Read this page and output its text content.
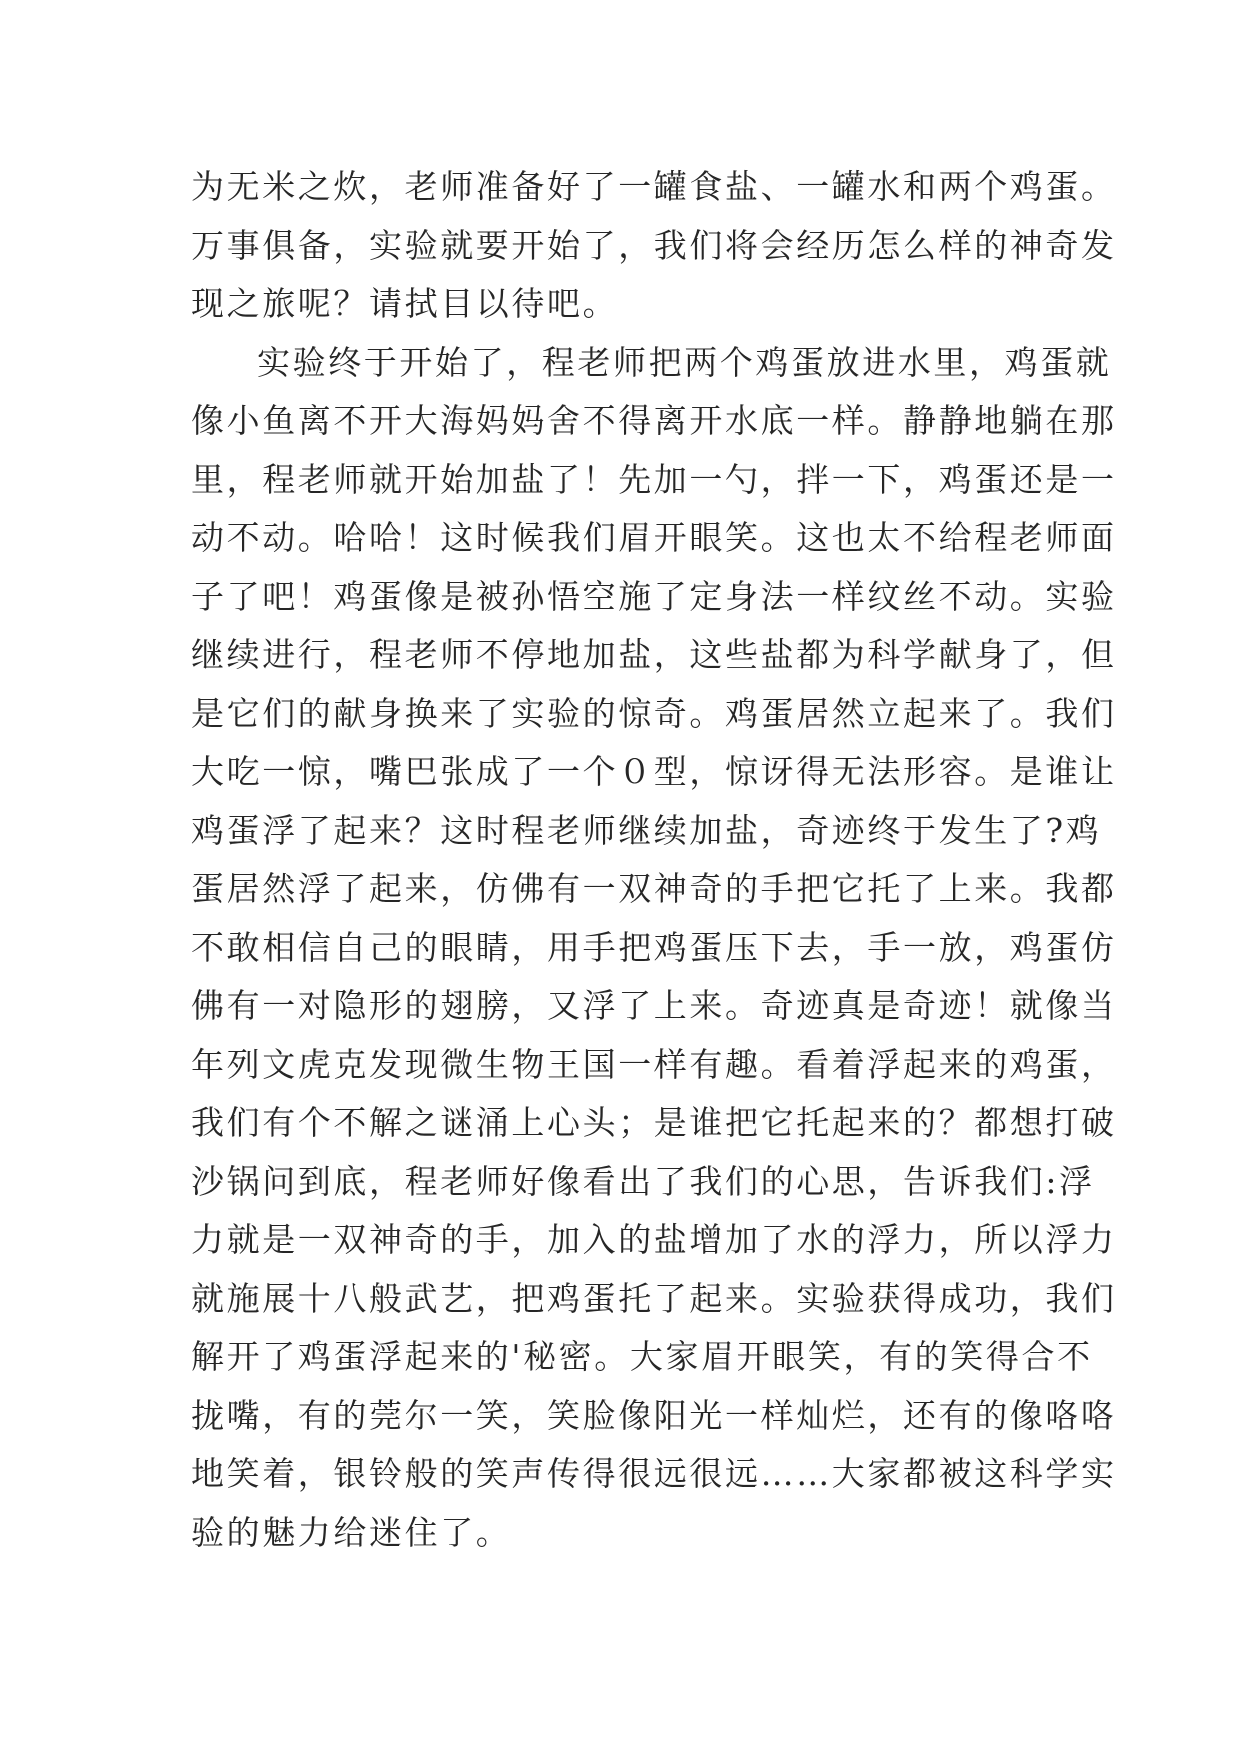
为无米之炊，老师准备好了一罐食盐、一罐水和两个鸡蛋。
万事俱备，实验就要开始了，我们将会经历怎么样的神奇发
现之旅呢？请拭目以待吧。
实验终于开始了，程老师把两个鸡蛋放进水里，鸡蛋就
像小鱼离不开大海妈妈舍不得离开水底一样。静静地躺在那
里，程老师就开始加盐了！先加一勺，拌一下，鸡蛋还是一
动不动。哈哈！这时候我们眉开眼笑。这也太不给程老师面
子了吧！鸡蛋像是被孙悟空施了定身法一样纹丝不动。实验
继续进行，程老师不停地加盐，这些盐都为科学献身了，但
是它们的献身换来了实验的惊奇。鸡蛋居然立起来了。我们
大吃一惊，嘴巴张成了一个０型，惊讶得无法形容。是谁让
鸡蛋浮了起来？这时程老师继续加盐，奇迹终于发生了?鸡
蛋居然浮了起来，仿佛有一双神奇的手把它托了上来。我都
不敢相信自己的眼睛，用手把鸡蛋压下去，手一放，鸡蛋仿
佛有一对隐形的翅膀，又浮了上来。奇迹真是奇迹！就像当
年列文虎克发现微生物王国一样有趣。看着浮起来的鸡蛋，
我们有个不解之谜涌上心头；是谁把它托起来的？都想打破
沙锅问到底，程老师好像看出了我们的心思，告诉我们:浮
力就是一双神奇的手，加入的盐增加了水的浮力，所以浮力
就施展十八般武艺，把鸡蛋托了起来。实验获得成功，我们
解开了鸡蛋浮起来的'秘密。大家眉开眼笑，有的笑得合不
拢嘴，有的莞尔一笑，笑脸像阳光一样灿烂，还有的像咯咯
地笑着，银铃般的笑声传得很远很远……大家都被这科学实
验的魅力给迷住了。
